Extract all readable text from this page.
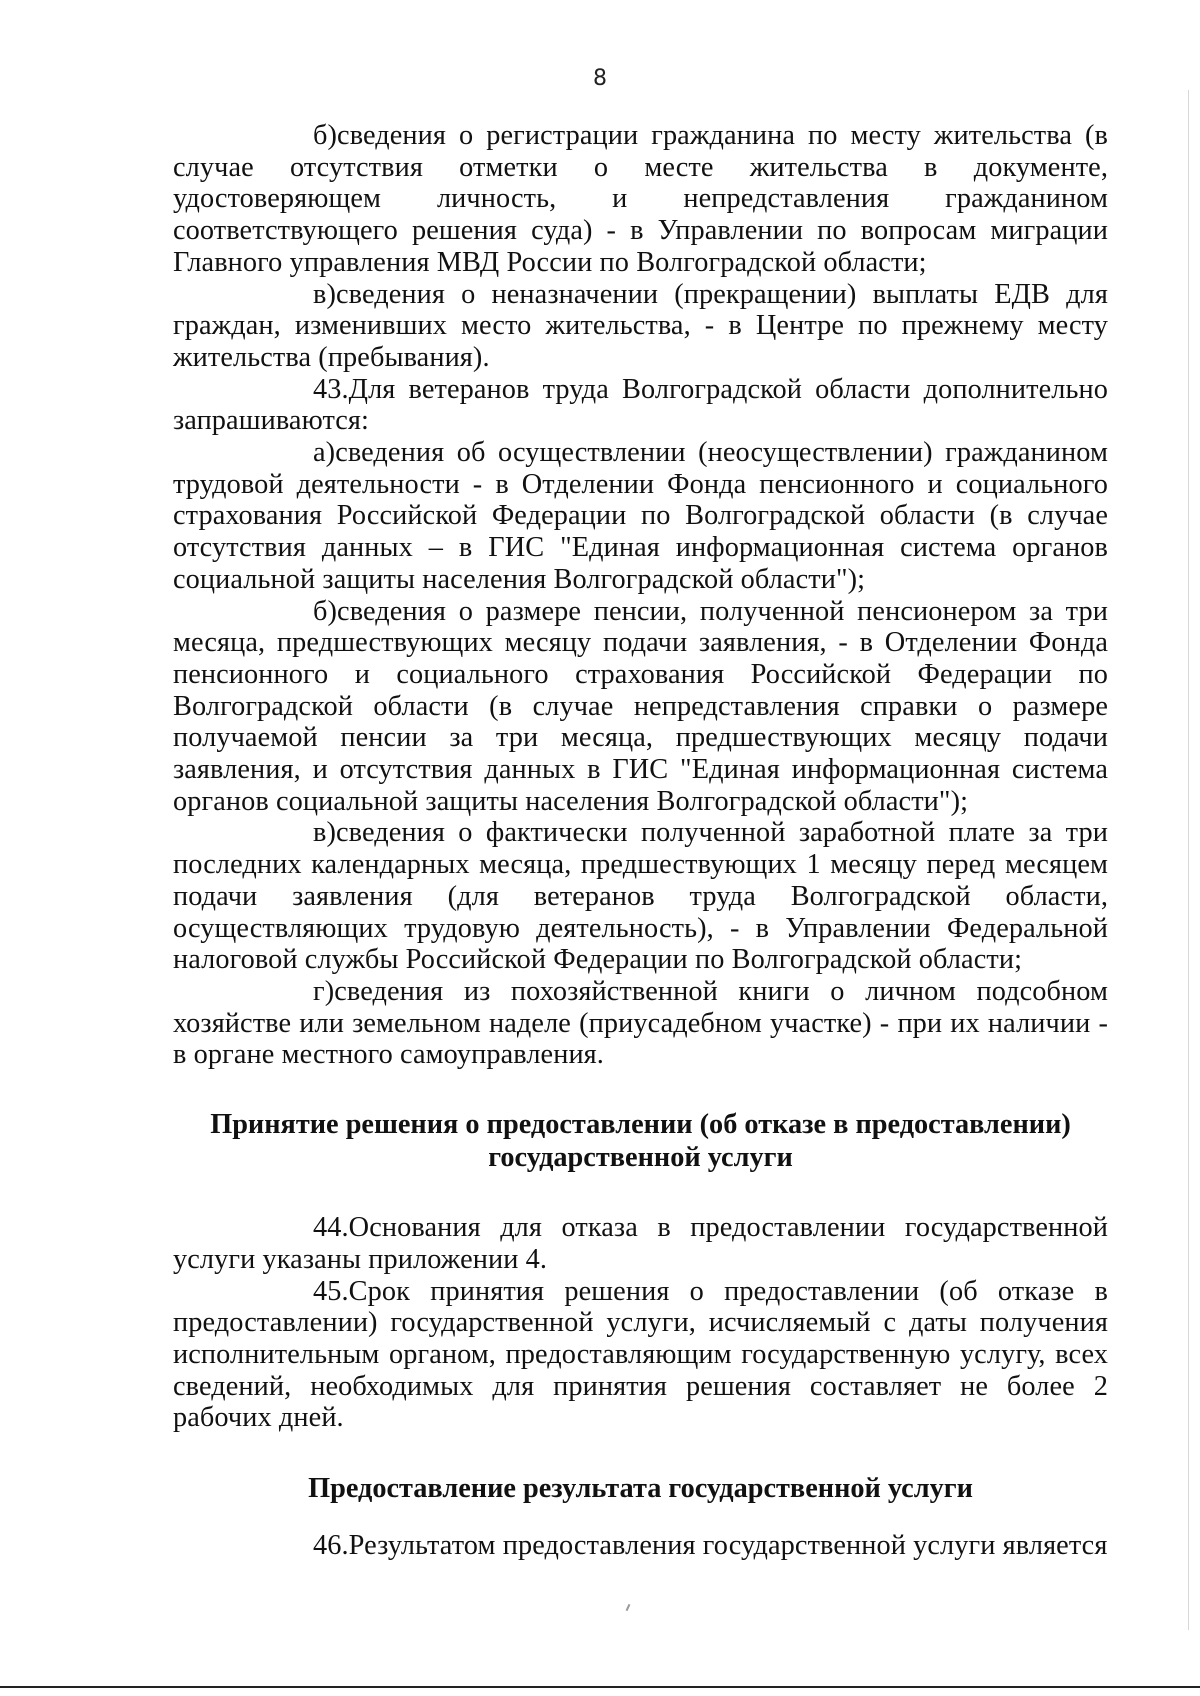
8

б)сведения о регистрации гражданина по месту жительства (в случае отсутствия отметки о месте жительства в документе, удостоверяющем личность, и непредставления гражданином соответствующего решения суда) - в Управлении по вопросам миграции Главного управления МВД России по Волгоградской области;

в)сведения о неназначении (прекращении) выплаты ЕДВ для граждан, изменивших место жительства, - в Центре по прежнему месту жительства (пребывания).

43.Для ветеранов труда Волгоградской области дополнительно запрашиваются:

а)сведения об осуществлении (неосуществлении) гражданином трудовой деятельности - в Отделении Фонда пенсионного и социального страхования Российской Федерации по Волгоградской области (в случае отсутствия данных – в ГИС "Единая информационная система органов социальной защиты населения Волгоградской области");

б)сведения о размере пенсии, полученной пенсионером за три месяца, предшествующих месяцу подачи заявления, - в Отделении Фонда пенсионного и социального страхования Российской Федерации по Волгоградской области (в случае непредставления справки о размере получаемой пенсии за три месяца, предшествующих месяцу подачи заявления, и отсутствия данных в ГИС "Единая информационная система органов социальной защиты населения Волгоградской области");

в)сведения о фактически полученной заработной плате за три последних календарных месяца, предшествующих 1 месяцу перед месяцем подачи заявления (для ветеранов труда Волгоградской области, осуществляющих трудовую деятельность), - в Управлении Федеральной налоговой службы Российской Федерации по Волгоградской области;

г)сведения из похозяйственной книги о личном подсобном хозяйстве или земельном наделе (приусадебном участке) - при их наличии - в органе местного самоуправления.

Принятие решения о предоставлении (об отказе в предоставлении)
государственной услуги

44.Основания для отказа в предоставлении государственной услуги указаны приложении 4.

45.Срок принятия решения о предоставлении (об отказе в предоставлении) государственной услуги, исчисляемый с даты получения исполнительным органом, предоставляющим государственную услугу, всех сведений, необходимых для принятия решения составляет не более 2 рабочих дней.

Предоставление результата государственной услуги

46.Результатом предоставления государственной услуги является
